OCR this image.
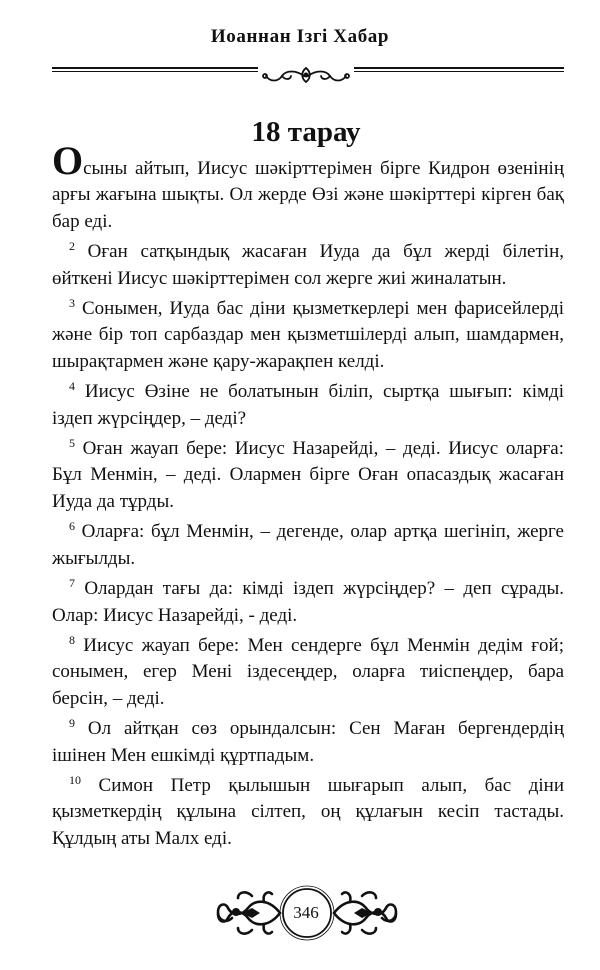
Иоаннан Ізгі Хабар
18 тарау

Осыны айтып, Иисус шәкірттерімен бірге Кидрон өзенінің арғы жағына шықты. Ол жерде Өзі және шәкірттері кірген бақ бар еді.

$^2$ Оған сатқындық жасаған Иуда да бұл жерді білетін, өйткені Иисус шәкірттерімен сол жерге жиі жиналатын.

$^3$ Сонымен, Иуда бас діни қызметкерлері мен фарисейлерді және бір топ сарбаздар мен қызметшілерді алып, шамдармен, шырақтармен және қару-жарақпен келді.

$^4$ Иисус Өзіне не болатынын біліп, сыртқа шығып: кімді іздеп жүрсіңдер, – деді?

$^5$ Оған жауап бере: Иисус Назарейді, – деді. Иисус оларға: Бұл Менмін, – деді. Олармен бірге Оған опасаздық жасаған Иуда да тұрды.

$^6$ Оларға: бұл Менмін, – дегенде, олар артқа шегініп, жерге жығылды.

$^7$ Олардан тағы да: кімді іздеп жүрсіңдер? – деп сұрады. Олар: Иисус Назарейді, - деді.

$^8$ Иисус жауап бере: Мен сендерге бұл Менмін дедім ғой; сонымен, егер Мені іздесеңдер, оларға тиіспеңдер, бара берсін, – деді.

$^9$ Ол айтқан сөз орындалсын: Сен Маған бергендердің ішінен Мен ешкімді құртпадым.

$^{10}$ Симон Петр қылышын шығарып алып, бас діни қызметкердің құлына сілтеп, оң құлағын кесіп тастады. Құлдың аты Малх еді.

346
